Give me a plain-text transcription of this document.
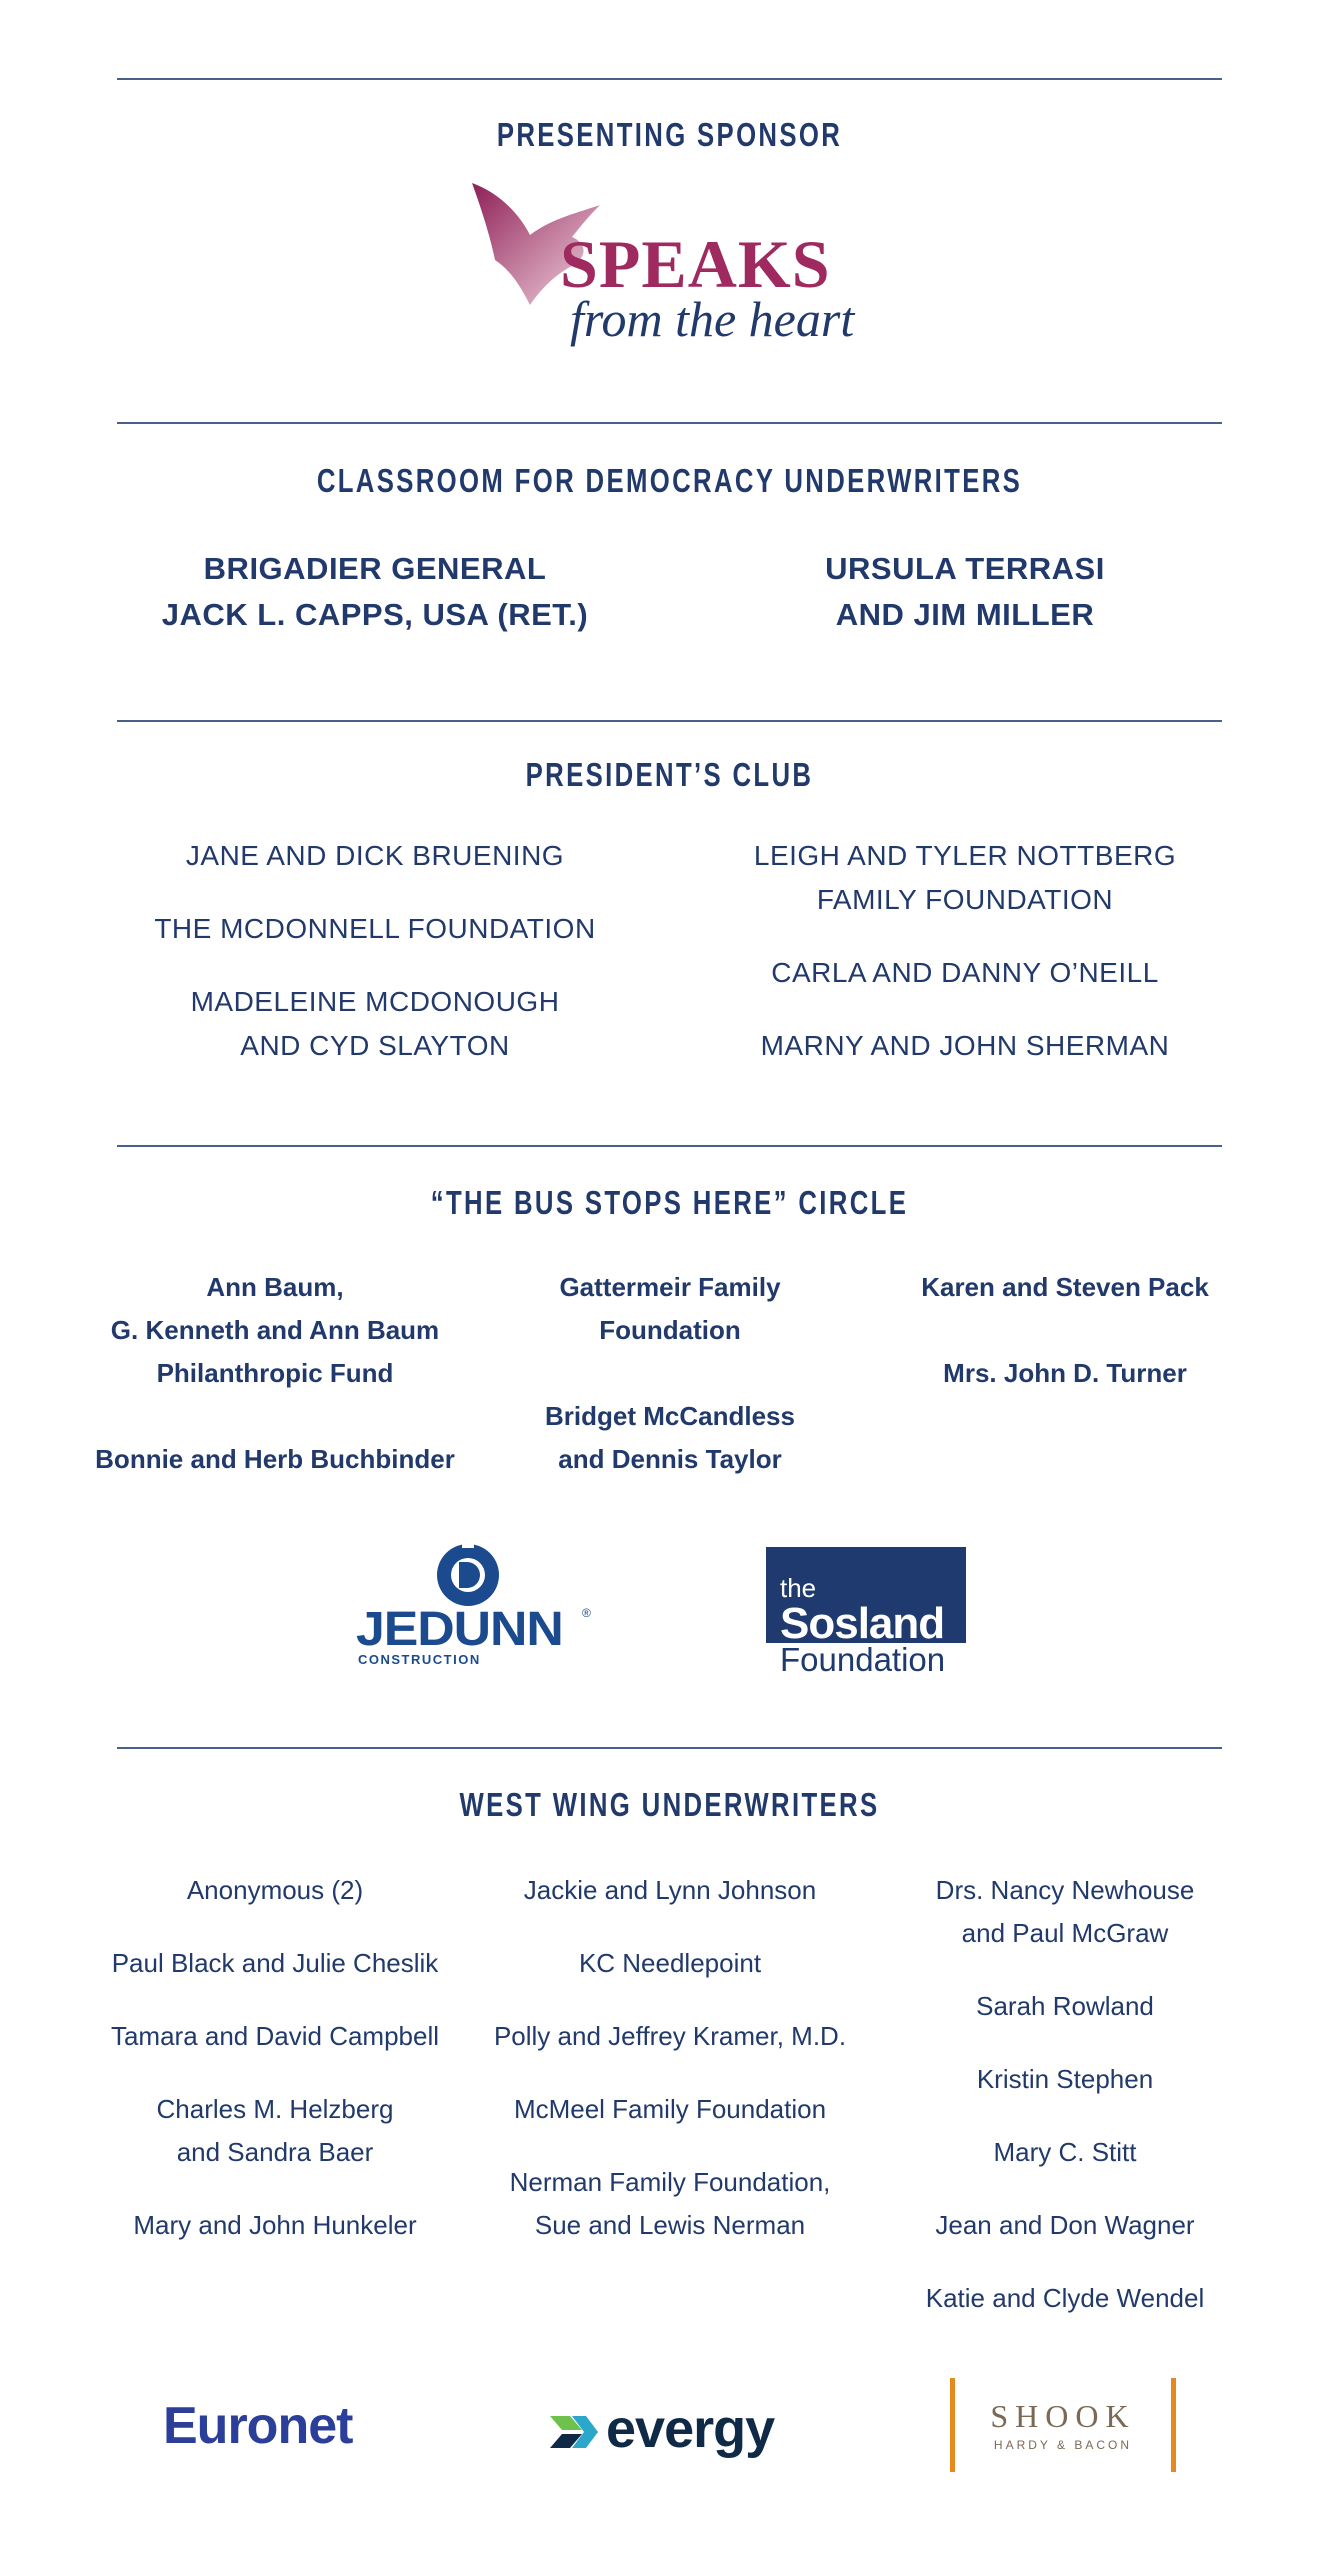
PRESENTING SPONSOR
SPEAKS
from the heart
CLASSROOM FOR DEMOCRACY UNDERWRITERS
BRIGADIER GENERAL
JACK L. CAPPS, USA (RET.)
URSULA TERRASI
AND JIM MILLER
PRESIDENT’S CLUB
JANE AND DICK BRUENING
THE MCDONNELL FOUNDATION
MADELEINE MCDONOUGH
AND CYD SLAYTON
LEIGH AND TYLER NOTTBERG
FAMILY FOUNDATION
CARLA AND DANNY O’NEILL
MARNY AND JOHN SHERMAN
“THE BUS STOPS HERE” CIRCLE
Ann Baum,
G. Kenneth and Ann Baum
Philanthropic Fund
Bonnie and Herb Buchbinder
Gattermeir Family
Foundation
Bridget McCandless
and Dennis Taylor
Karen and Steven Pack
Mrs. John D. Turner
JEDUNN ®
CONSTRUCTION
the
Sosland
Foundation
WEST WING UNDERWRITERS
Anonymous (2)
Paul Black and Julie Cheslik
Tamara and David Campbell
Charles M. Helzberg
and Sandra Baer
Mary and John Hunkeler
Jackie and Lynn Johnson
KC Needlepoint
Polly and Jeffrey Kramer, M.D.
McMeel Family Foundation
Nerman Family Foundation,
Sue and Lewis Nerman
Drs. Nancy Newhouse
and Paul McGraw
Sarah Rowland
Kristin Stephen
Mary C. Stitt
Jean and Don Wagner
Katie and Clyde Wendel
Euronet	evergy	SHOOK
HARDY & BACON
